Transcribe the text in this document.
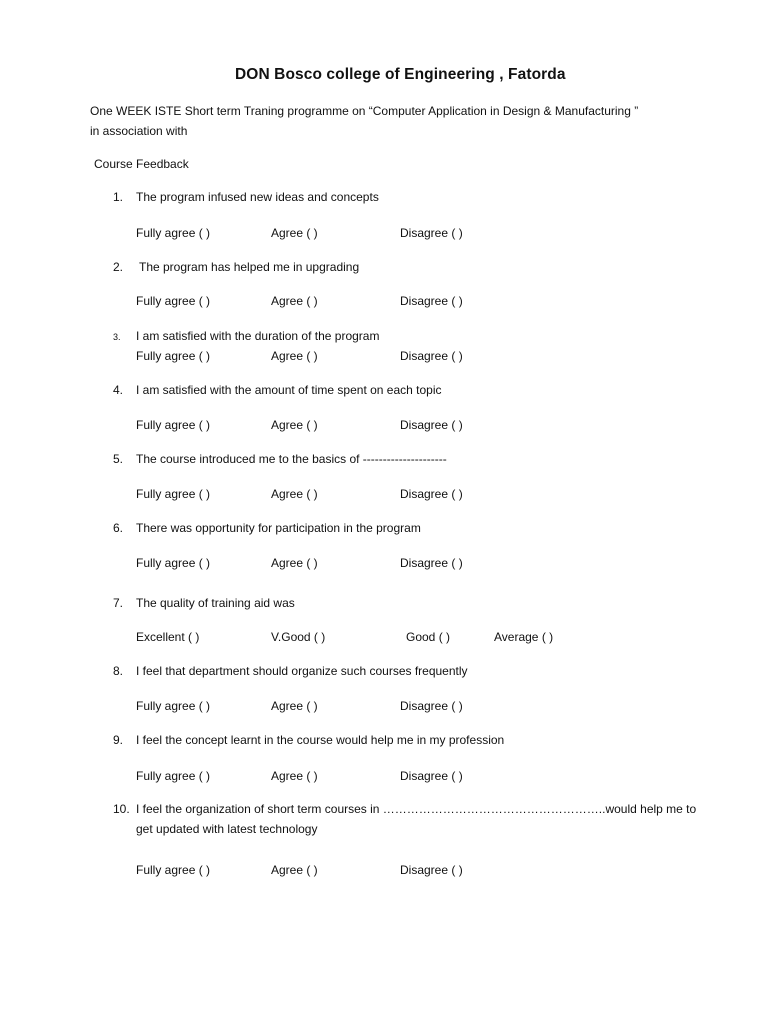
DON Bosco college of Engineering , Fatorda
One WEEK ISTE Short term Traning programme on “Computer Application in Design & Manufacturing ”
in association with
Course Feedback
1. The program infused new ideas and concepts
Fully agree ( )	Agree ( )	Disagree ( )
2. The program has helped me in upgrading
Fully agree ( )	Agree ( )	Disagree ( )
3. I am satisfied with the duration of the program
Fully agree ( )	Agree ( )	Disagree ( )
4. I am satisfied with the amount of time spent on each topic
Fully agree ( )	Agree ( )	Disagree ( )
5. The course introduced me to the basics of ---------------------
Fully agree ( )	Agree ( )	Disagree ( )
6. There was opportunity for participation in the program
Fully agree ( )	Agree ( )	Disagree ( )
7. The quality of training aid was
Excellent ( )	V.Good ( )	Good ( )	Average ( )
8. I feel that department should organize such courses frequently
Fully agree ( )	Agree ( )	Disagree ( )
9. I feel the concept learnt in the course would help me in my profession
Fully agree ( )	Agree ( )	Disagree ( )
10. I feel the organization of short term courses in ………………………………………………..would help me to
get updated with latest technology
Fully agree ( )	Agree ( )	Disagree ( )
